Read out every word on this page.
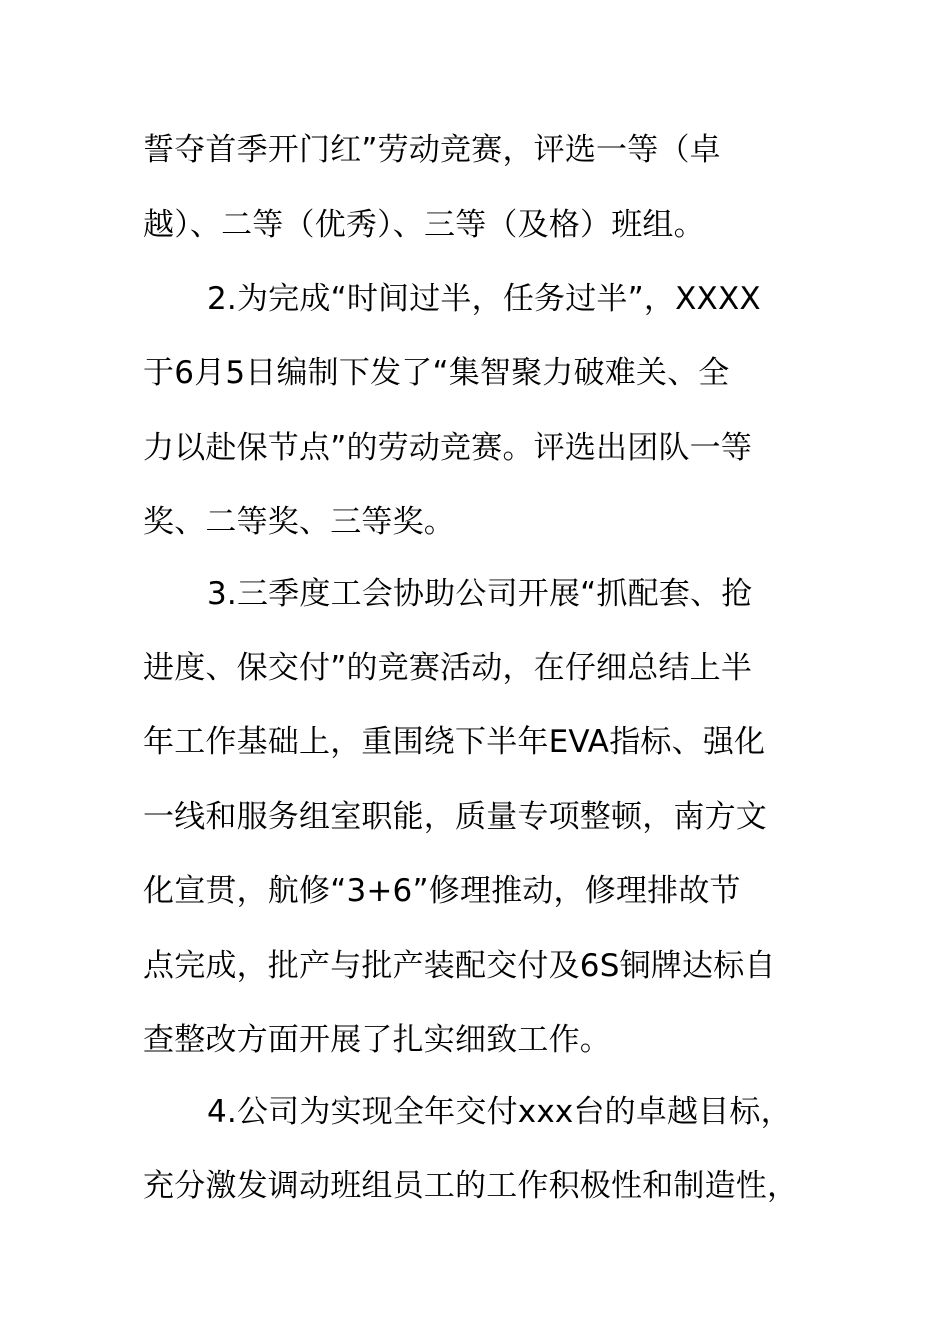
誓夺首季开门红”劳动竞赛，评选一等（卓
越）、二等（优秀）、三等（及格）班组。
2.为完成“时间过半，任务过半”，XXXX
于6月5日编制下发了“集智聚力破难关、全
力以赴保节点”的劳动竞赛。评选出团队一等
奖、二等奖、三等奖。
3.三季度工会协助公司开展“抓配套、抢
进度、保交付”的竞赛活动，在仔细总结上半
年工作基础上，重围绕下半年EVA指标、强化
一线和服务组室职能，质量专项整顿，南方文
化宣贯，航修“3+6”修理推动，修理排故节
点完成，批产与批产装配交付及6S铜牌达标自
查整改方面开展了扎实细致工作。
4.公司为实现全年交付xxx台的卓越目标，
充分激发调动班组员工的工作积极性和制造性，
